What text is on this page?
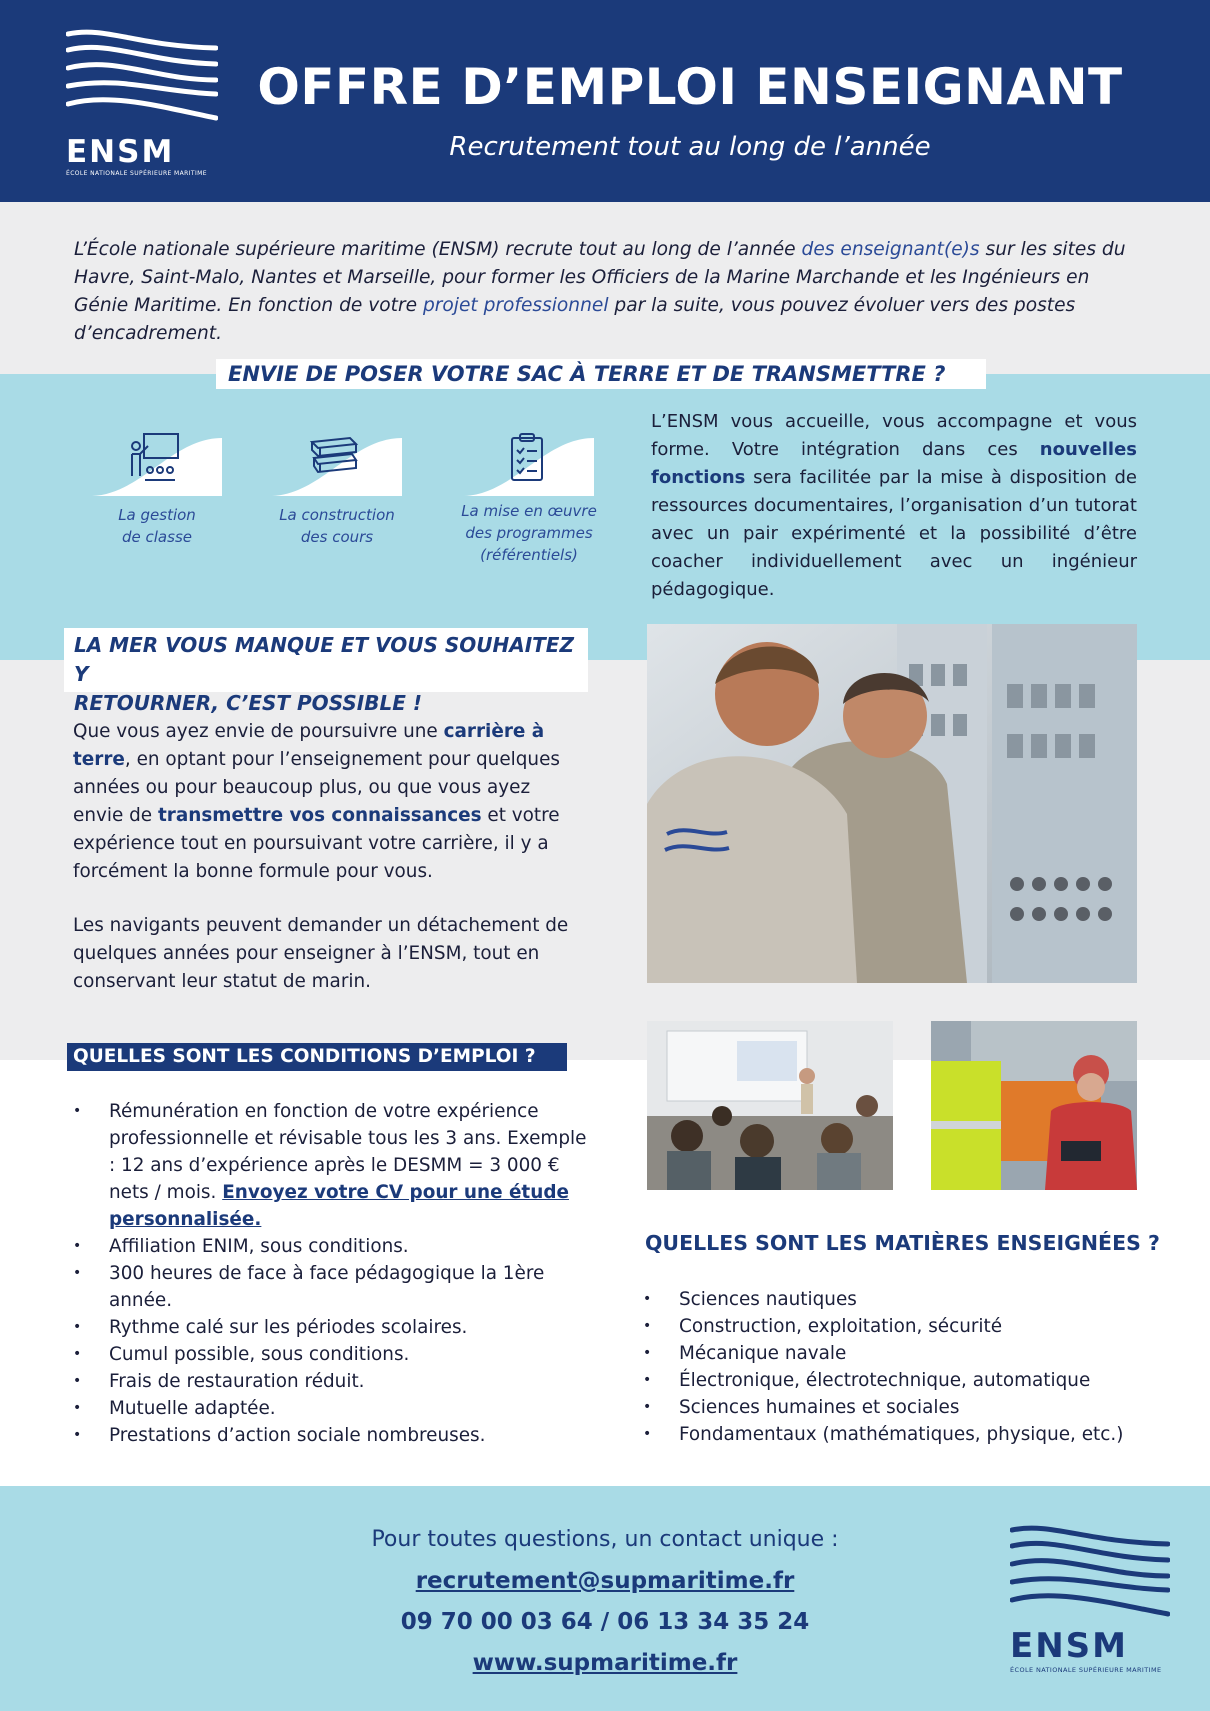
ENSM
ÉCOLE NATIONALE SUPÉRIEURE MARITIME
OFFRE D’EMPLOI ENSEIGNANT
Recrutement tout au long de l’année

L’École nationale supérieure maritime (ENSM) recrute tout au long de l’année des enseignant(e)s sur les sites du Havre, Saint-Malo, Nantes et Marseille, pour former les Officiers de la Marine Marchande et les Ingénieurs en Génie Maritime. En fonction de votre projet professionnel par la suite, vous pouvez évoluer vers des postes d’encadrement.

ENVIE DE POSER VOTRE SAC À TERRE ET DE TRANSMETTRE ?
La gestion
de classe
La construction
des cours
La mise en œuvre
des programmes
(référentiels)

L’ENSM vous accueille, vous accompagne et vous forme. Votre intégration dans ces nouvelles fonctions sera facilitée par la mise à disposition de ressources documentaires, l’organisation d’un tutorat avec un pair expérimenté et la possibilité d’être coacher individuellement avec un ingénieur pédagogique.

LA MER VOUS MANQUE ET VOUS SOUHAITEZ Y
RETOURNER, C’EST POSSIBLE !

Que vous ayez envie de poursuivre une carrière à terre, en optant pour l’enseignement pour quelques années ou pour beaucoup plus, ou que vous ayez envie de transmettre vos connaissances et votre expérience tout en poursuivant votre carrière, il y a forcément la bonne formule pour vous.

Les navigants peuvent demander un détachement de quelques années pour enseigner à l’ENSM, tout en conservant leur statut de marin.

QUELLES SONT LES CONDITIONS D’EMPLOI ?
• Rémunération en fonction de votre expérience professionnelle et révisable tous les 3 ans. Exemple : 12 ans d’expérience après le DESMM = 3 000 € nets / mois. Envoyez votre CV pour une étude personnalisée.
• Affiliation ENIM, sous conditions.
• 300 heures de face à face pédagogique la 1ère année.
• Rythme calé sur les périodes scolaires.
• Cumul possible, sous conditions.
• Frais de restauration réduit.
• Mutuelle adaptée.
• Prestations d’action sociale nombreuses.
QUELLES SONT LES MATIÈRES ENSEIGNÉES ?
• Sciences nautiques
• Construction, exploitation, sécurité
• Mécanique navale
• Électronique, électrotechnique, automatique
• Sciences humaines et sociales
• Fondamentaux (mathématiques, physique, etc.)
Pour toutes questions, un contact unique :
recrutement@supmaritime.fr
09 70 00 03 64 / 06 13 34 35 24
www.supmaritime.fr	ENSM
ÉCOLE NATIONALE SUPÉRIEURE MARITIME
